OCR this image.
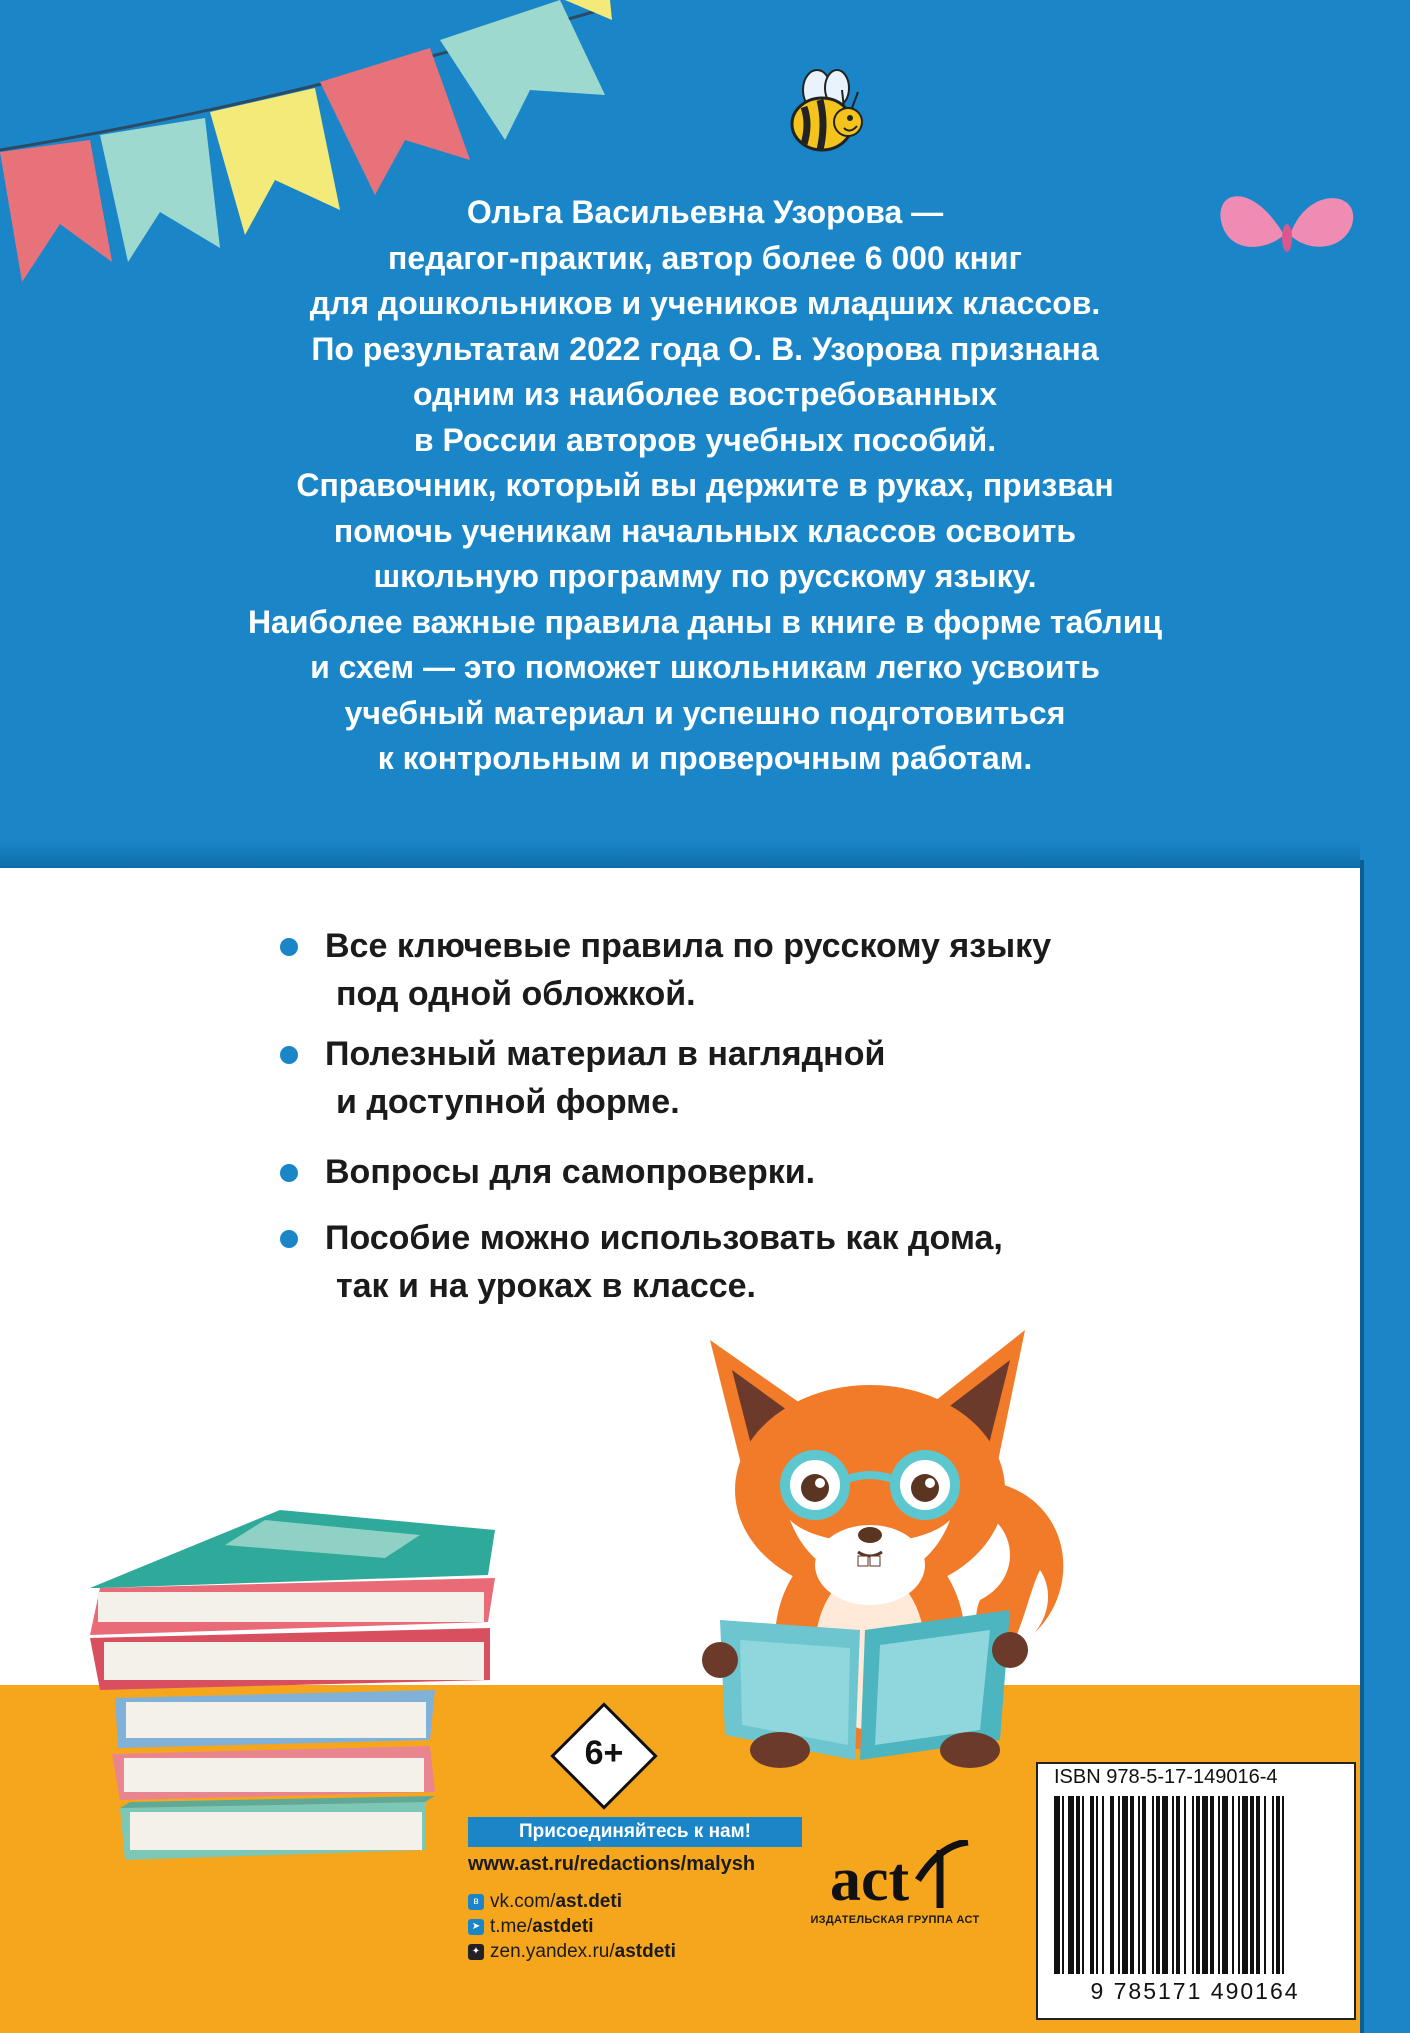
Ольга Васильевна Узорова —

педагог-практик, автор более 6 000 книг

для дошкольников и учеников младших классов.

По результатам 2022 года О. В. Узорова признана

одним из наиболее востребованных

в России авторов учебных пособий.

Справочник, который вы держите в руках, призван

помочь ученикам начальных классов освоить

школьную программу по русскому языку.

Наиболее важные правила даны в книге в форме таблиц

и схем — это поможет школьникам легко усвоить

учебный материал и успешно подготовиться

к контрольным и проверочным работам.

Все ключевые правила по русскому языку
под одной обложкой.
Полезный материал в наглядной
и доступной форме.
Вопросы для самопроверки.
Пособие можно использовать как дома,
так и на уроках в классе.
6+
Присоединяйтесь к нам!
www.ast.ru/redactions/malysh
в vk.com/ast.deti
➤ t.me/astdeti
✦ zen.yandex.ru/astdeti
act
ИЗДАТЕЛЬСКАЯ ГРУППА АСТ
ISBN 978-5-17-149016-4
9 785171 490164
